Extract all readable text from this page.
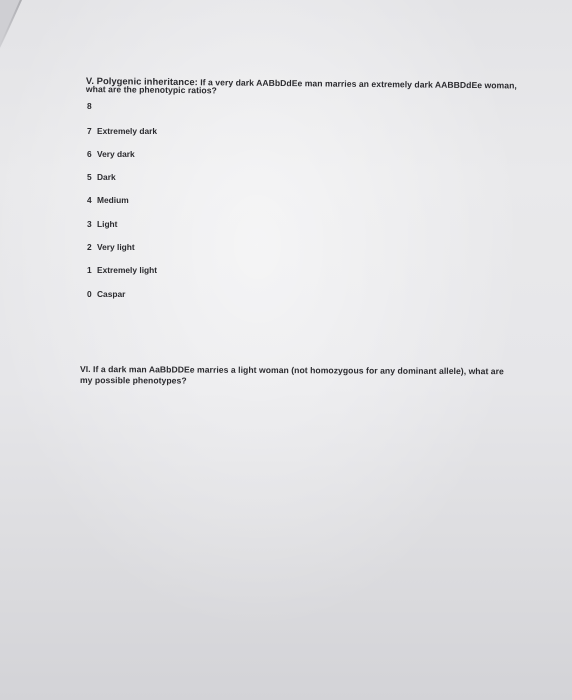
V. Polygenic inheritance: If a very dark AABbDdEe man marries an extremely dark AABBDdEe woman,
what are the phenotypic ratios?
8
7 Extremely dark
6 Very dark
5 Dark
4 Medium
3 Light
2 Very light
1 Extremely light
0 Caspar
VI. If a dark man AaBbDDEe marries a light woman (not homozygous for any dominant allele), what are
my possible phenotypes?
